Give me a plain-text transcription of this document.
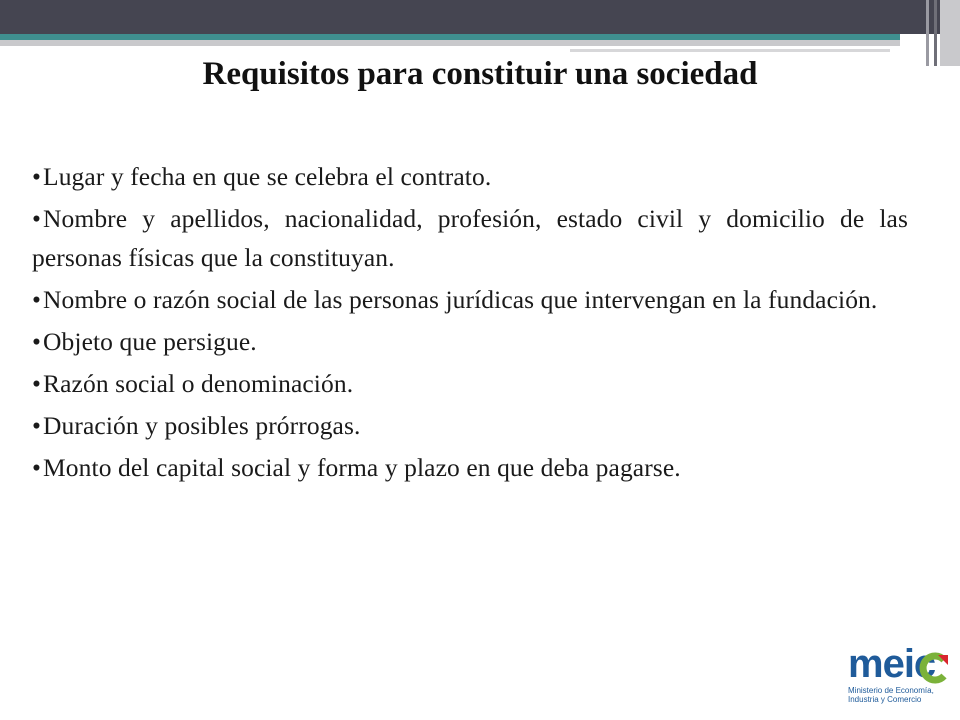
Requisitos para constituir una sociedad

•Lugar y fecha en que se celebra el contrato.

•Nombre y apellidos, nacionalidad, profesión, estado civil y domicilio de las personas físicas que la constituyan.

•Nombre o razón social de las personas jurídicas que intervengan en la fundación.

•Objeto que persigue.

•Razón social o denominación.

•Duración y posibles prórrogas.

•Monto del capital social y forma y plazo en que deba pagarse.

meic
Ministerio de Economía,
Industria y Comercio
